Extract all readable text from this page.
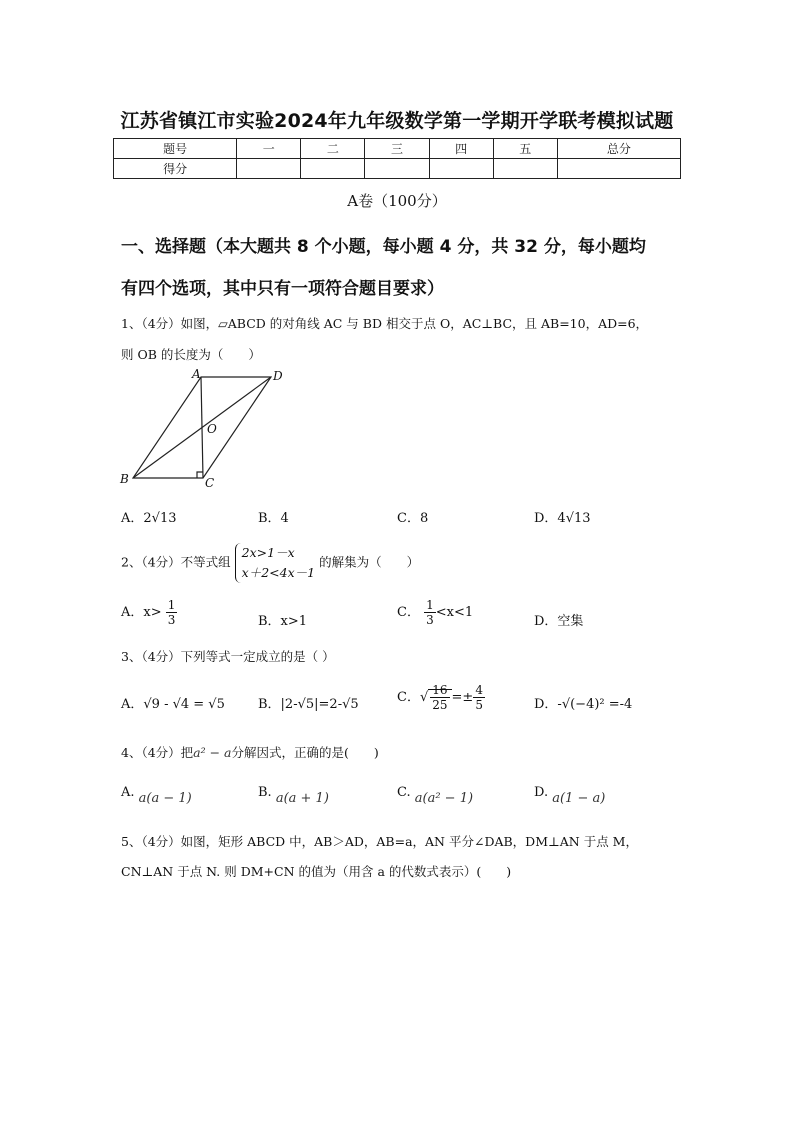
江苏省镇江市实验2024年九年级数学第一学期开学联考模拟试题
题号	一	二	三	四	五	总分
得分						
A卷（100分）
一、选择题（本大题共 8 个小题，每小题 4 分，共 32 分，每小题均
有四个选项，其中只有一项符合题目要求）
1、（4分）如图，▱ABCD 的对角线 AC 与 BD 相交于点 O，AC⊥BC，且 AB=10，AD=6，
则 OB 的长度为（　　）
A	D
O
B	C
A．2√13	B．4	C．8	D．4√13
2、（4分）不等式组
2x>1－x
x＋2<4x－1
的解集为（　　）
A．$x> \frac{1}{3}$	B．x>1
C． $\frac{1}{3} <x<1$
D．空集
3、（4分）下列等式一定成立的是（ ）
A．√9 - √4 = √5	B．|2-√5|=2-√5	C．√ $\frac{16}{25} =\pm \frac{4}{5}$	D．-√(−4)² =-4
4、（4分）把a² − a分解因式，正确的是(　　)
A. a(a − 1)	B. a(a + 1)	C. a(a² − 1)	D. a(1 − a)
5、（4分）如图，矩形 ABCD 中，AB＞AD，AB=a，AN 平分∠DAB，DM⊥AN 于点 M，
CN⊥AN 于点 N. 则 DM+CN 的值为（用含 a 的代数式表示）(　　)
